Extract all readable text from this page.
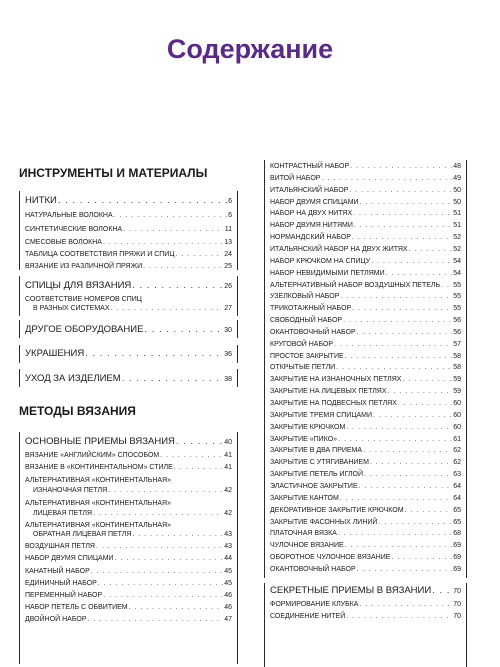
Содержание
ИНСТРУМЕНТЫ И МАТЕРИАЛЫ
НИТКИ . . .	6
НАТУРАЛЬНЫЕ ВОЛОКНА . . .	6
СИНТЕТИЧЕСКИЕ ВОЛОКНА . . .	11
СМЕСОВЫЕ ВОЛОКНА . . .	13
ТАБЛИЦА СООТВЕТСТВИЯ ПРЯЖИ И СПИЦ . . .	24
ВЯЗАНИЕ ИЗ РАЗЛИЧНОЙ ПРЯЖИ . . .	25
СПИЦЫ ДЛЯ ВЯЗАНИЯ . . .	26
СООТВЕТСТВИЕ НОМЕРОВ СПИЦ
В РАЗНЫХ СИСТЕМАХ . . .	27
ДРУГОЕ ОБОРУДОВАНИЕ . . .	30
УКРАШЕНИЯ . . .	36
УХОД ЗА ИЗДЕЛИЕМ . . .	38
МЕТОДЫ ВЯЗАНИЯ
ОСНОВНЫЕ ПРИЕМЫ ВЯЗАНИЯ . . .	40
ВЯЗАНИЕ «АНГЛИЙСКИМ» СПОСОБОМ . . .	41
ВЯЗАНИЕ В «КОНТИНЕНТАЛЬНОМ» СТИЛЕ . . .	41
АЛЬТЕРНАТИВНАЯ «КОНТИНЕНТАЛЬНАЯ»
ИЗНАНОЧНАЯ ПЕТЛЯ . . .	42
АЛЬТЕРНАТИВНАЯ «КОНТИНЕНТАЛЬНАЯ»
ЛИЦЕВАЯ ПЕТЛЯ . . .	42
АЛЬТЕРНАТИВНАЯ «КОНТИНЕНТАЛЬНАЯ»
ОБРАТНАЯ ЛИЦЕВАЯ ПЕТЛЯ . . .	43
ВОЗДУШНАЯ ПЕТЛЯ . . .	43
НАБОР ДВУМЯ СПИЦАМИ . . .	44
КАНАТНЫЙ НАБОР . . .	45
ЕДИНИЧНЫЙ НАБОР . . .	45
ПЕРЕМЕННЫЙ НАБОР . . .	46
НАБОР ПЕТЕЛЬ С ОБВИТИЕМ . . .	46
ДВОЙНОЙ НАБОР . . .	47
КОНТРАСТНЫЙ НАБОР . . .	48
ВИТОЙ НАБОР . . .	49
ИТАЛЬЯНСКИЙ НАБОР . . .	50
НАБОР ДВУМЯ СПИЦАМИ . . .	50
НАБОР НА ДВУХ НИТЯХ . . .	51
НАБОР ДВУМЯ НИТЯМИ . . .	51
НОРМАНДСКИЙ НАБОР . . .	52
ИТАЛЬЯНСКИЙ НАБОР НА ДВУХ ЖИТЯХ . . .	52
НАБОР КРЮЧКОМ НА СПИЦУ . . .	54
НАБОР НЕВИДИМЫМИ ПЕТЛЯМИ . . .	54
АЛЬТЕРНАТИВНЫЙ НАБОР ВОЗДУШНЫХ ПЕТЕЛЬ . . . 55
УЗЕЛКОВЫЙ НАБОР . . .	55
ТРИКОТАЖНЫЙ НАБОР . . .	55
СВОБОДНЫЙ НАБОР . . .	56
ОКАНТОВОЧНЫЙ НАБОР . . .	56
КРУГОВОЙ НАБОР . . .	57
ПРОСТОЕ ЗАКРЫТИЕ . . .	58
ОТКРЫТЫЕ ПЕТЛИ . . .	58
ЗАКРЫТИЕ НА ИЗНАНОЧНЫХ ПЕТЛЯХ . . .	59
ЗАКРЫТИЕ НА ЛИЦЕВЫХ ПЕТЛЯХ . . .	59
ЗАКРЫТИЕ НА ПОДВЕСНЫХ ПЕТЛЯХ . . .	60
ЗАКРЫТИЕ ТРЕМЯ СПИЦАМИ . . .	60
ЗАКРЫТИЕ КРЮЧКОМ . . .	60
ЗАКРЫТИЕ «ПИКО» . . .	61
ЗАКРЫТИЕ В ДВА ПРИЕМА . . .	62
ЗАКРЫТИЕ С УТЯГИВАНИЕМ . . .	62
ЗАКРЫТИЕ ПЕТЕЛЬ ИГЛОЙ . . .	63
ЭЛАСТИЧНОЕ ЗАКРЫТИЕ . . .	64
ЗАКРЫТИЕ КАНТОМ . . .	64
ДЕКОРАТИВНОЕ ЗАКРЫТИЕ КРЮЧКОМ . . .	65
ЗАКРЫТИЕ ФАСОННЫХ ЛИНИЙ . . .	65
ПЛАТОЧНАЯ ВЯЗКА . . .	68
ЧУЛОЧНОЕ ВЯЗАНИЕ . . .	69
ОБОРОТНОЕ ЧУЛОЧНОЕ ВЯЗАНИЕ . . .	69
ОКАНТОВОЧНЫЙ НАБОР . . .	69
СЕКРЕТНЫЕ ПРИЕМЫ В ВЯЗАНИИ . . .	70
ФОРМИРОВАНИЕ КЛУБКА . . .	70
СОЕДИНЕНИЕ НИТЕЙ . . .	70
